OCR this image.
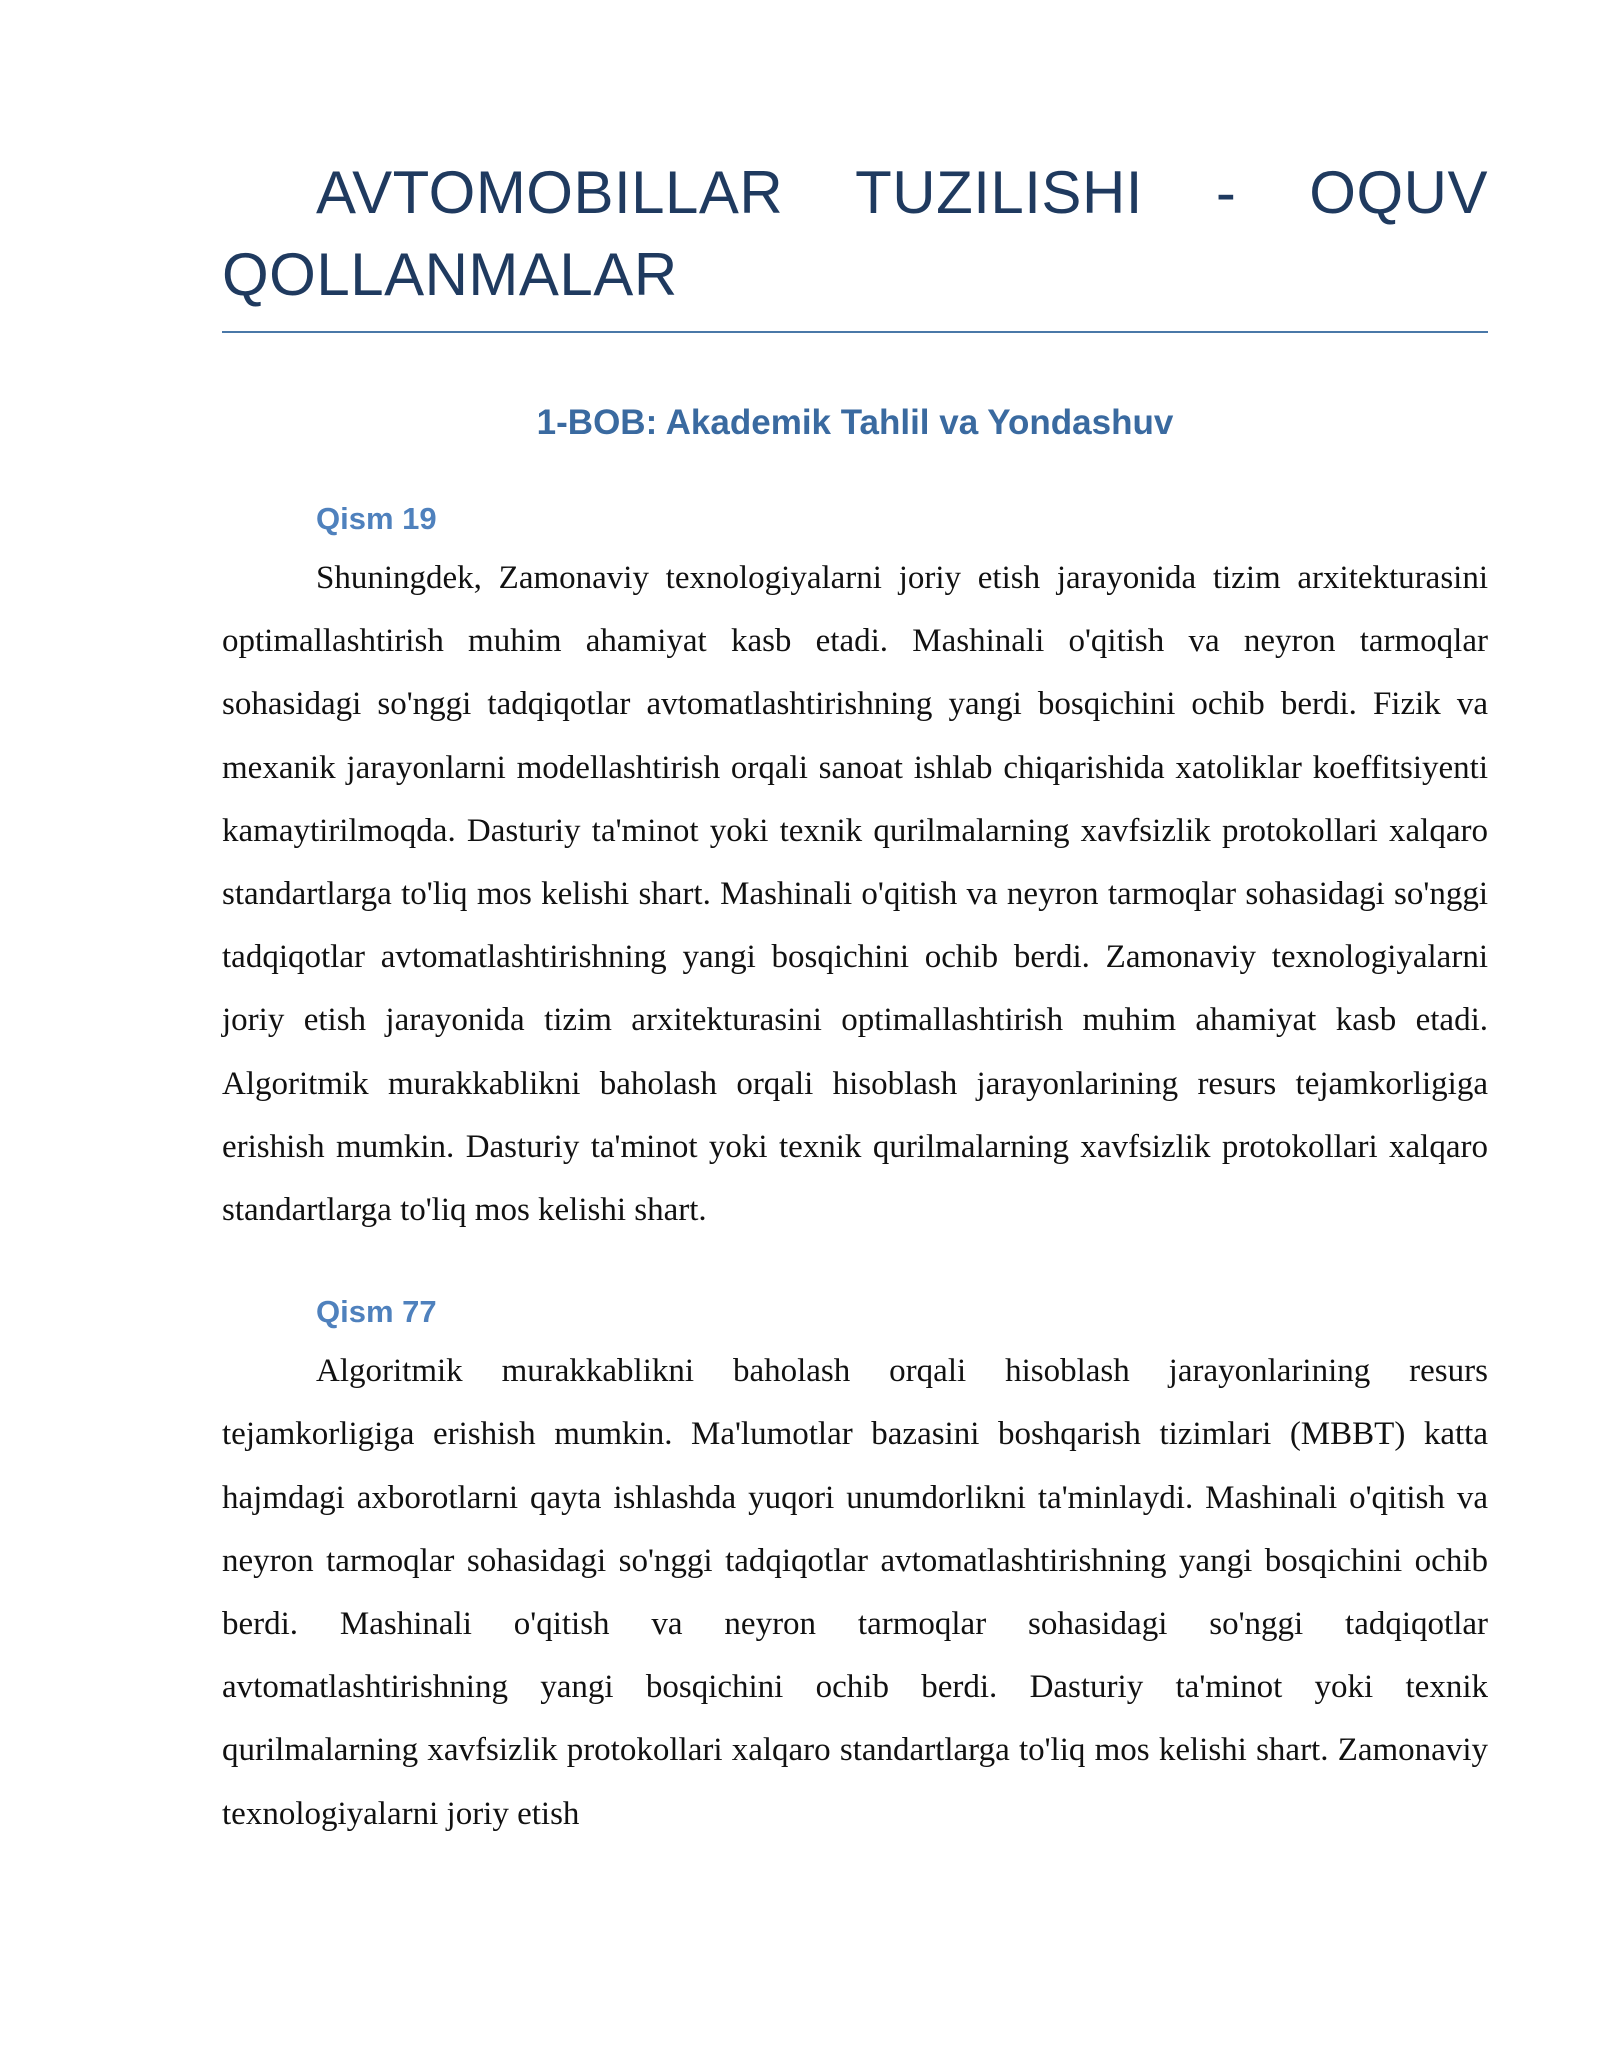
AVTOMOBILLAR TUZILISHI - OQUV QOLLANMALAR
1-BOB: Akademik Tahlil va Yondashuv
Qism 19

Shuningdek, Zamonaviy texnologiyalarni joriy etish jarayonida tizim arxitekturasini optimallashtirish muhim ahamiyat kasb etadi. Mashinali o'qitish va neyron tarmoqlar sohasidagi so'nggi tadqiqotlar avtomatlashtirishning yangi bosqichini ochib berdi. Fizik va mexanik jarayonlarni modellashtirish orqali sanoat ishlab chiqarishida xatoliklar koeffitsiyenti kamaytirilmoqda. Dasturiy ta'minot yoki texnik qurilmalarning xavfsizlik protokollari xalqaro standartlarga to'liq mos kelishi shart. Mashinali o'qitish va neyron tarmoqlar sohasidagi so'nggi tadqiqotlar avtomatlashtirishning yangi bosqichini ochib berdi. Zamonaviy texnologiyalarni joriy etish jarayonida tizim arxitekturasini optimallashtirish muhim ahamiyat kasb etadi. Algoritmik murakkablikni baholash orqali hisoblash jarayonlarining resurs tejamkorligiga erishish mumkin. Dasturiy ta'minot yoki texnik qurilmalarning xavfsizlik protokollari xalqaro standartlarga to'liq mos kelishi shart.

Qism 77

Algoritmik murakkablikni baholash orqali hisoblash jarayonlarining resurs tejamkorligiga erishish mumkin. Ma'lumotlar bazasini boshqarish tizimlari (MBBT) katta hajmdagi axborotlarni qayta ishlashda yuqori unumdorlikni ta'minlaydi. Mashinali o'qitish va neyron tarmoqlar sohasidagi so'nggi tadqiqotlar avtomatlashtirishning yangi bosqichini ochib berdi. Mashinali o'qitish va neyron tarmoqlar sohasidagi so'nggi tadqiqotlar avtomatlashtirishning yangi bosqichini ochib berdi. Dasturiy ta'minot yoki texnik qurilmalarning xavfsizlik protokollari xalqaro standartlarga to'liq mos kelishi shart. Zamonaviy texnologiyalarni joriy etish
